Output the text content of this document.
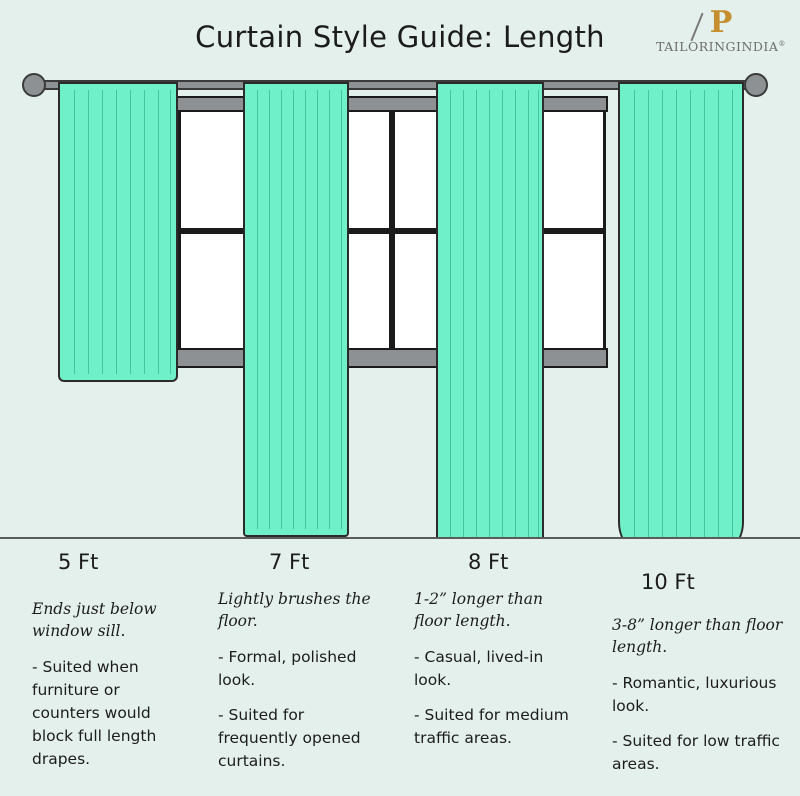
Curtain Style Guide: Length	P
TAILORINGINDIA®
5 Ft	7 Ft	8 Ft
10 Ft
Ends just below window sill.
- Suited when furniture or counters would block full length drapes.
Lightly brushes the floor.
- Formal, polished look.
- Suited for frequently opened curtains.
1-2” longer than floor length.
- Casual, lived-in look.
- Suited for medium traffic areas.
3-8” longer than floor length.
- Romantic, luxurious look.
- Suited for low traffic areas.
